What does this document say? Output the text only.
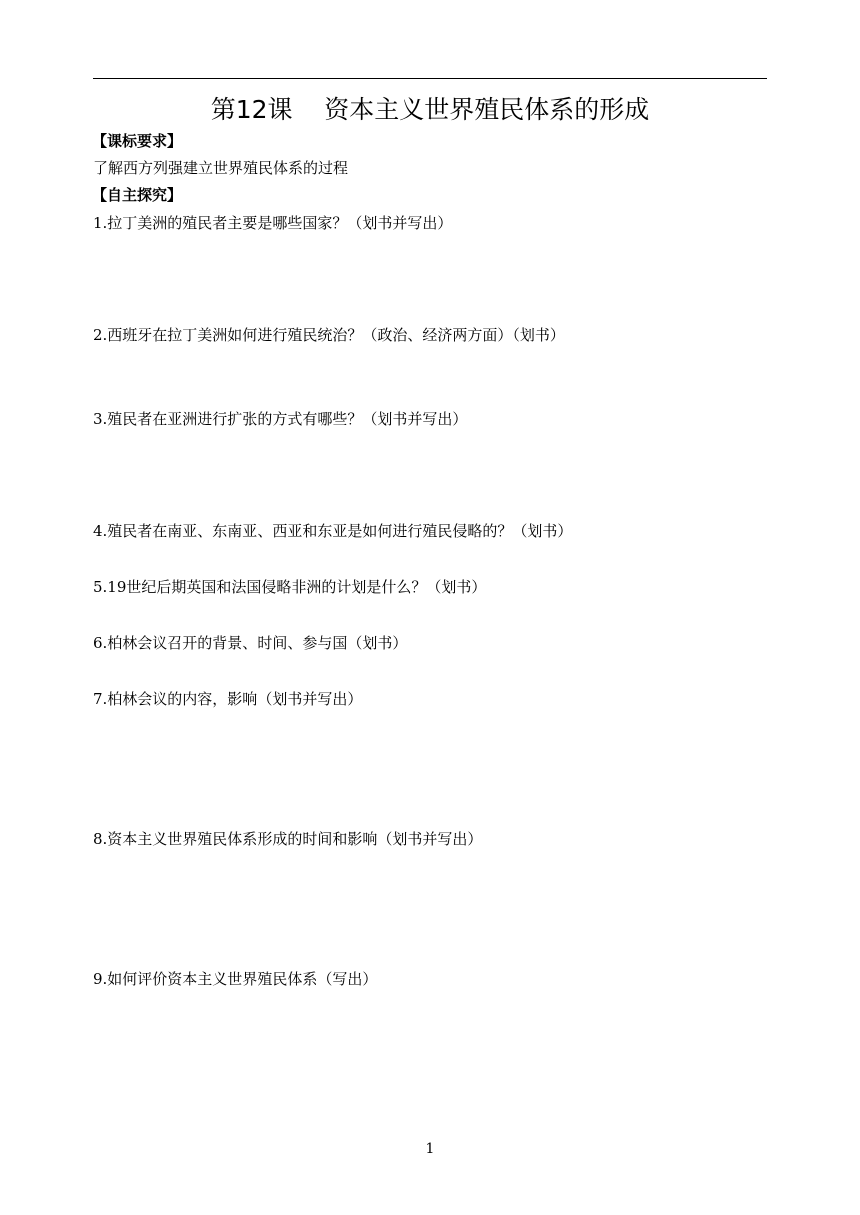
第12课    资本主义世界殖民体系的形成
【课标要求】
了解西方列强建立世界殖民体系的过程
【自主探究】
1.拉丁美洲的殖民者主要是哪些国家？（划书并写出）
2.西班牙在拉丁美洲如何进行殖民统治？（政治、经济两方面）（划书）
3.殖民者在亚洲进行扩张的方式有哪些？（划书并写出）
4.殖民者在南亚、东南亚、西亚和东亚是如何进行殖民侵略的？（划书）
5.19世纪后期英国和法国侵略非洲的计划是什么？（划书）
6.柏林会议召开的背景、时间、参与国（划书）
7.柏林会议的内容，影响（划书并写出）
8.资本主义世界殖民体系形成的时间和影响（划书并写出）
9.如何评价资本主义世界殖民体系（写出）
1
